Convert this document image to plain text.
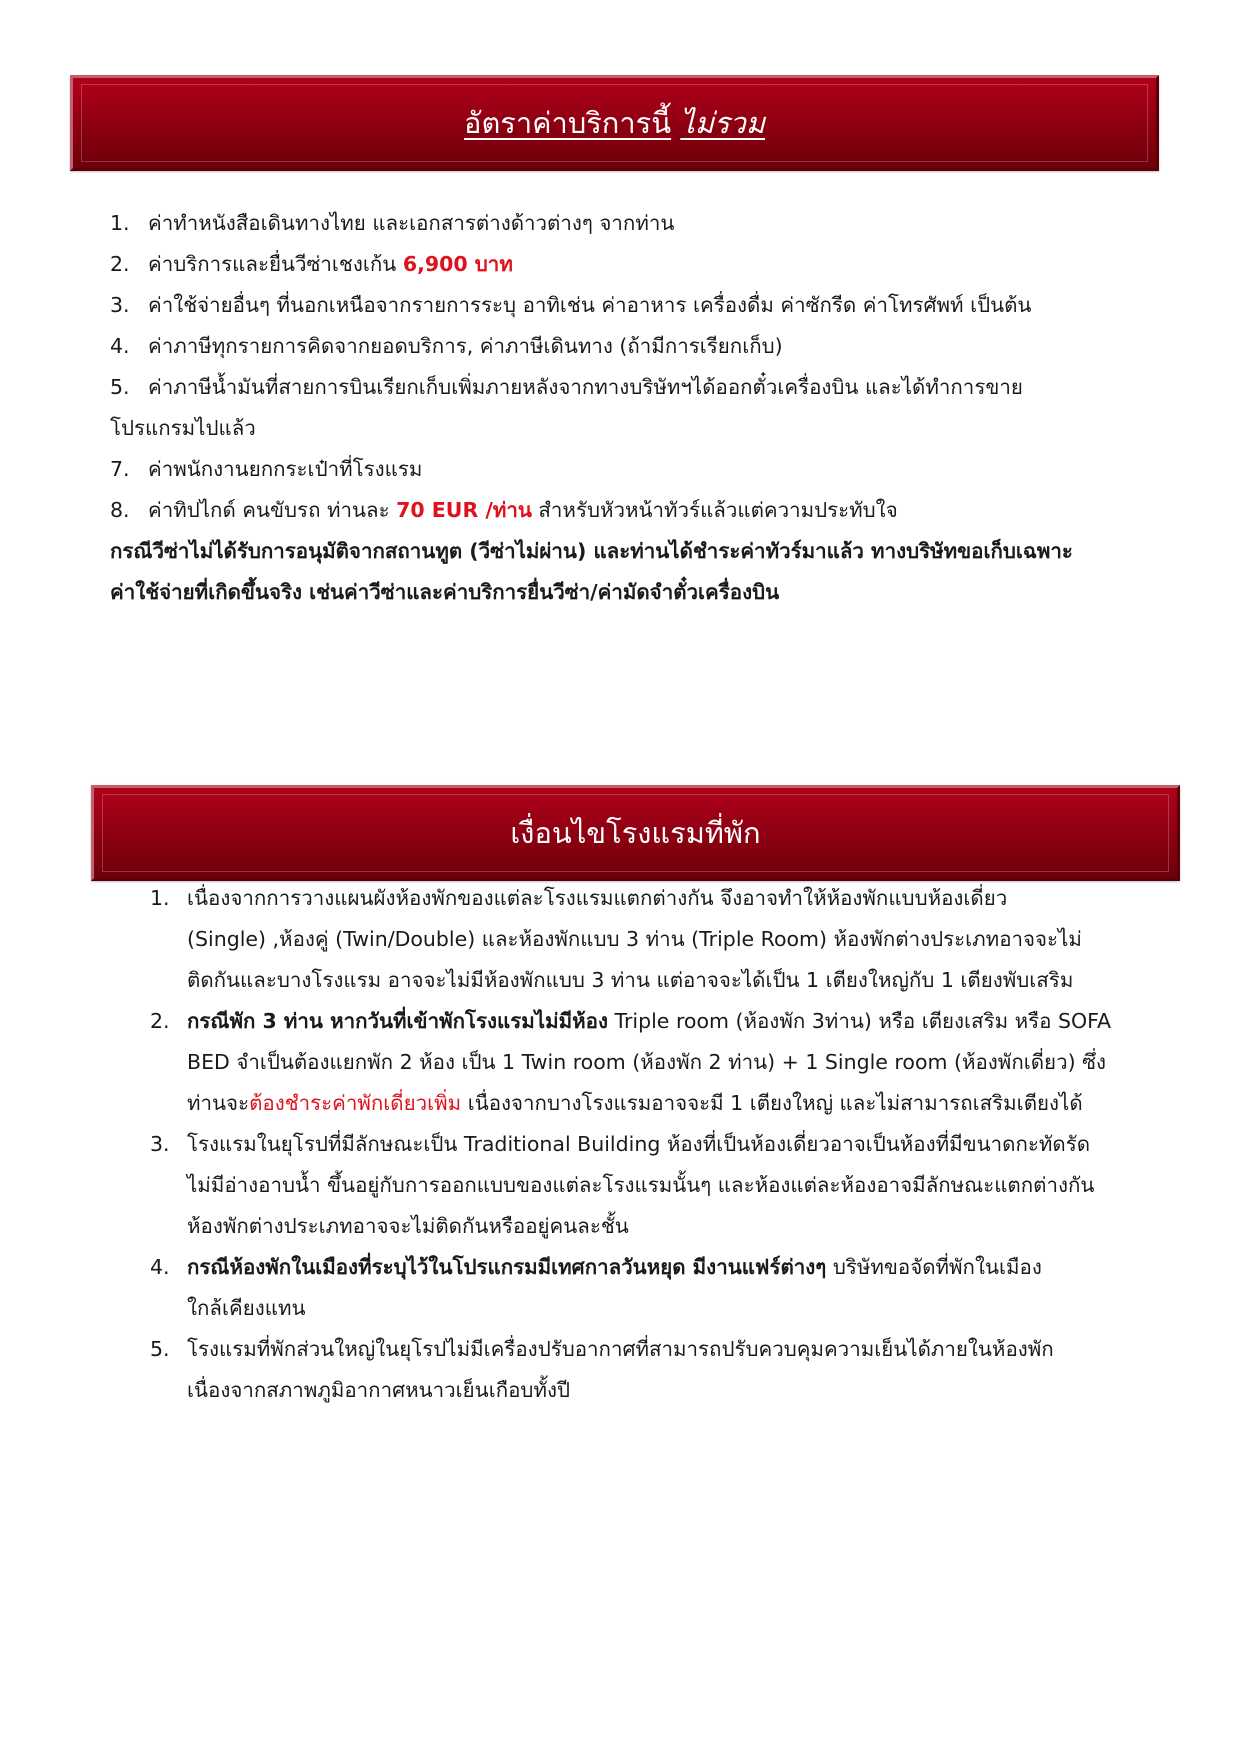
อัตราค่าบริการนี้
ไม่รวม
1. ค่าทำหนังสือเดินทางไทย และเอกสารต่างด้าวต่างๆ จากท่าน
2. ค่าบริการและยื่นวีซ่าเชงเก้น 6,900 บาท
3. ค่าใช้จ่ายอื่นๆ ที่นอกเหนือจากรายการระบุ อาทิเช่น ค่าอาหาร เครื่องดื่ม ค่าซักรีด ค่าโทรศัพท์ เป็นต้น
4. ค่าภาษีทุกรายการคิดจากยอดบริการ, ค่าภาษีเดินทาง (ถ้ามีการเรียกเก็บ)
5. ค่าภาษีน้ำมันที่สายการบินเรียกเก็บเพิ่มภายหลังจากทางบริษัทฯได้ออกตั๋วเครื่องบิน และได้ทำการขาย
โปรแกรมไปแล้ว
7. ค่าพนักงานยกกระเป๋าที่โรงแรม
8. ค่าทิปไกด์ คนขับรถ ท่านละ 70 EUR /ท่าน สำหรับหัวหน้าทัวร์แล้วแต่ความประทับใจ
กรณีวีซ่าไม่ได้รับการอนุมัติจากสถานทูต (วีซ่าไม่ผ่าน) และท่านได้ชำระค่าทัวร์มาแล้ว ทางบริษัทขอเก็บเฉพาะ
ค่าใช้จ่ายที่เกิดขึ้นจริง เช่นค่าวีซ่าและค่าบริการยื่นวีซ่า/ค่ามัดจำตั๋วเครื่องบิน
เงื่อนไขโรงแรมที่พัก
1. เนื่องจากการวางแผนผังห้องพักของแต่ละโรงแรมแตกต่างกัน จึงอาจทำให้ห้องพักแบบห้องเดี่ยว
(Single) ,ห้องคู่ (Twin/Double) และห้องพักแบบ 3 ท่าน (Triple Room) ห้องพักต่างประเภทอาจจะไม่
ติดกันและบางโรงแรม อาจจะไม่มีห้องพักแบบ 3 ท่าน แต่อาจจะได้เป็น 1 เตียงใหญ่กับ 1 เตียงพับเสริม
2. กรณีพัก 3 ท่าน หากวันที่เข้าพักโรงแรมไม่มีห้อง Triple room (ห้องพัก 3ท่าน) หรือ เตียงเสริม หรือ SOFA
BED จำเป็นต้องแยกพัก 2 ห้อง เป็น 1 Twin room (ห้องพัก 2 ท่าน) + 1 Single room (ห้องพักเดี่ยว) ซึ่ง
ท่านจะต้องชำระค่าพักเดี่ยวเพิ่ม เนื่องจากบางโรงแรมอาจจะมี 1 เตียงใหญ่ และไม่สามารถเสริมเตียงได้
3. โรงแรมในยุโรปที่มีลักษณะเป็น Traditional Building ห้องที่เป็นห้องเดี่ยวอาจเป็นห้องที่มีขนาดกะทัดรัด
ไม่มีอ่างอาบน้ำ ขึ้นอยู่กับการออกแบบของแต่ละโรงแรมนั้นๆ และห้องแต่ละห้องอาจมีลักษณะแตกต่างกัน
ห้องพักต่างประเภทอาจจะไม่ติดกันหรืออยู่คนละชั้น
4. กรณีห้องพักในเมืองที่ระบุไว้ในโปรแกรมมีเทศกาลวันหยุด มีงานแฟร์ต่างๆ บริษัทขอจัดที่พักในเมือง
ใกล้เคียงแทน
5. โรงแรมที่พักส่วนใหญ่ในยุโรปไม่มีเครื่องปรับอากาศที่สามารถปรับควบคุมความเย็นได้ภายในห้องพัก
เนื่องจากสภาพภูมิอากาศหนาวเย็นเกือบทั้งปี
